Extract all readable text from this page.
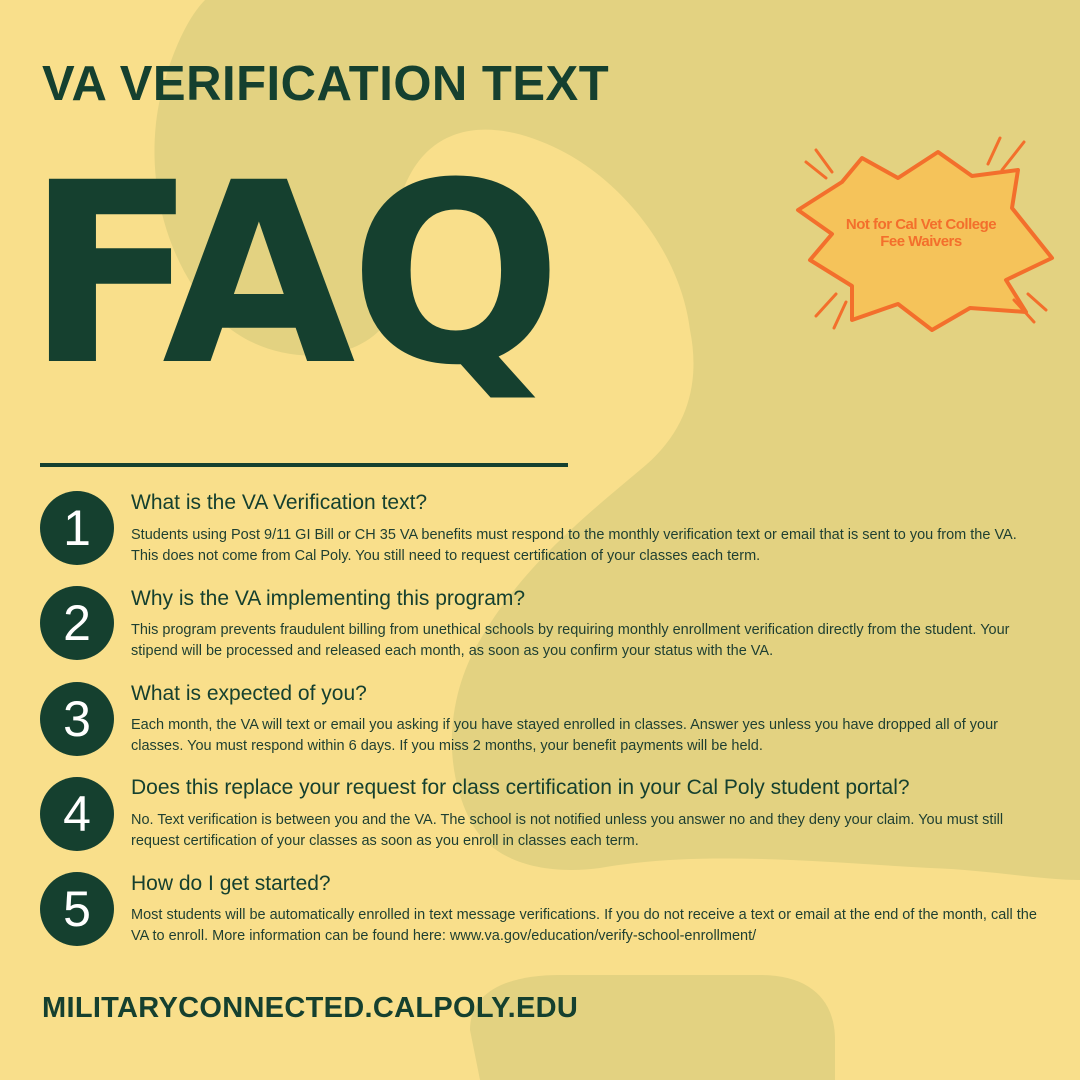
VA VERIFICATION TEXT
FAQ	Not for Cal Vet College Fee Waivers
1	What is the VA Verification text?
Students using Post 9/11 GI Bill or CH 35 VA benefits must respond to the monthly verification text or email that is sent to you from the VA. This does not come from Cal Poly. You still need to request certification of your classes each term.
2	Why is the VA implementing this program?
This program prevents fraudulent billing from unethical schools by requiring monthly enrollment verification directly from the student. Your stipend will be processed and released each month, as soon as you confirm your status with the VA.
3	What is expected of you?
Each month, the VA will text or email you asking if you have stayed enrolled in classes. Answer yes unless you have dropped all of your classes. You must respond within 6 days. If you miss 2 months, your benefit payments will be held.
4	Does this replace your request for class certification in your Cal Poly student portal?
No. Text verification is between you and the VA. The school is not notified unless you answer no and they deny your claim. You must still request certification of your classes as soon as you enroll in classes each term.
5	How do I get started?
Most students will be automatically enrolled in text message verifications. If you do not receive a text or email at the end of the month, call the VA to enroll. More information can be found here: www.va.gov/education/verify-school-enrollment/
MILITARYCONNECTED.CALPOLY.EDU
